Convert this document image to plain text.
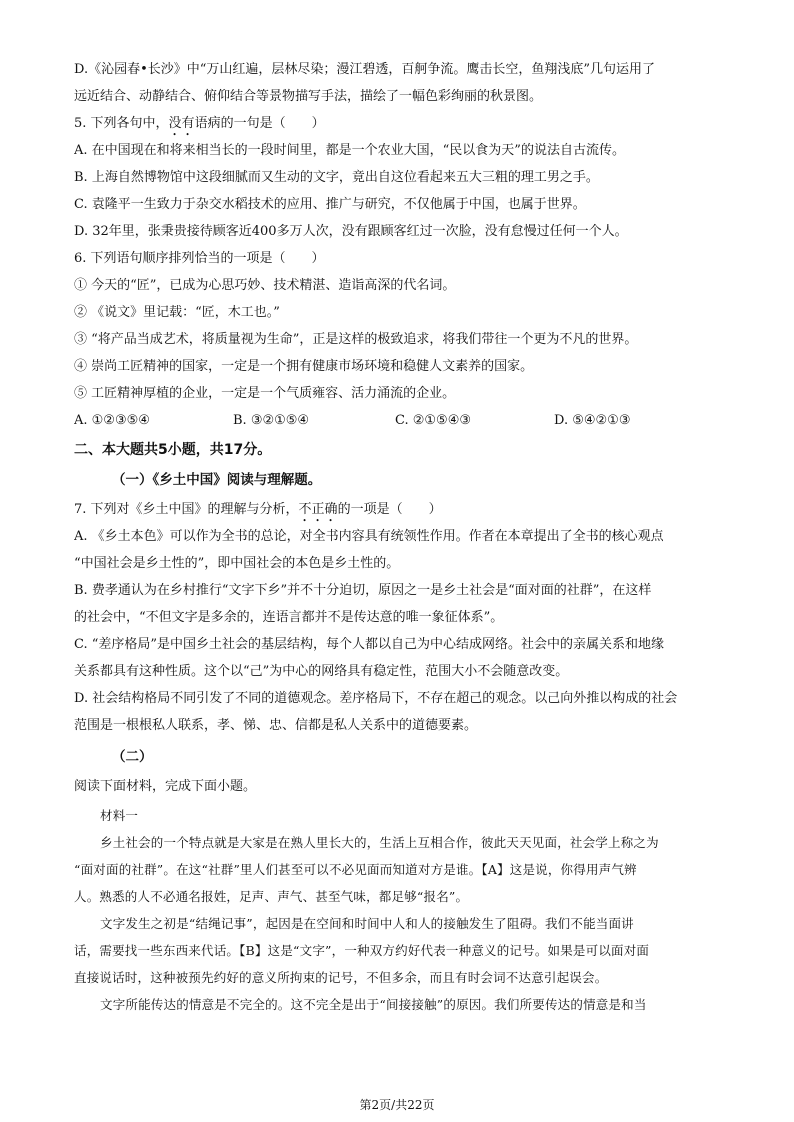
D.《沁园春•长沙》中“万山红遍，层林尽染；漫江碧透，百舸争流。鹰击长空，鱼翔浅底”几句运用了
远近结合、动静结合、俯仰结合等景物描写手法，描绘了一幅色彩绚丽的秋景图。
5. 下列各句中，没有语病的一句是（　　）
A. 在中国现在和将来相当长的一段时间里，都是一个农业大国，“民以食为天”的说法自古流传。
B. 上海自然博物馆中这段细腻而又生动的文字，竟出自这位看起来五大三粗的理工男之手。
C. 袁隆平一生致力于杂交水稻技术的应用、推广与研究，不仅他属于中国，也属于世界。
D. 32年里，张秉贵接待顾客近400多万人次，没有跟顾客红过一次脸，没有怠慢过任何一个人。
6. 下列语句顺序排列恰当的一项是（　　）
① 今天的“匠”，已成为心思巧妙、技术精湛、造诣高深的代名词。
② 《说文》里记载：“匠，木工也。”
③ “将产品当成艺术，将质量视为生命”，正是这样的极致追求，将我们带往一个更为不凡的世界。
④ 崇尚工匠精神的国家，一定是一个拥有健康市场环境和稳健人文素养的国家。
⑤ 工匠精神厚植的企业，一定是一个气质雍容、活力涌流的企业。
A. ①②③⑤④	B. ③②①⑤④	C. ②①⑤④③	D. ⑤④②①③
二、本大题共5小题，共17分。
（一）《乡土中国》阅读与理解题。
7. 下列对《乡土中国》的理解与分析，不正确的一项是（　　）
A. 《乡土本色》可以作为全书的总论，对全书内容具有统领性作用。作者在本章提出了全书的核心观点
“中国社会是乡土性的”，即中国社会的本色是乡土性的。
B. 费孝通认为在乡村推行“文字下乡”并不十分迫切，原因之一是乡土社会是“面对面的社群”，在这样
的社会中，“不但文字是多余的，连语言都并不是传达意的唯一象征体系”。
C. “差序格局”是中国乡土社会的基层结构，每个人都以自己为中心结成网络。社会中的亲属关系和地缘
关系都具有这种性质。这个以“己”为中心的网络具有稳定性，范围大小不会随意改变。
D. 社会结构格局不同引发了不同的道德观念。差序格局下，不存在超己的观念。以己向外推以构成的社会
范围是一根根私人联系，孝、悌、忠、信都是私人关系中的道德要素。
（二）
阅读下面材料，完成下面小题。
材料一
乡土社会的一个特点就是大家是在熟人里长大的，生活上互相合作，彼此天天见面，社会学上称之为
“面对面的社群”。在这“社群”里人们甚至可以不必见面而知道对方是谁。【A】这是说，你得用声气辨
人。熟悉的人不必通名报姓，足声、声气、甚至气味，都足够“报名”。
文字发生之初是“结绳记事”，起因是在空间和时间中人和人的接触发生了阻碍。我们不能当面讲
话，需要找一些东西来代话。【B】这是“文字”，一种双方约好代表一种意义的记号。如果是可以面对面
直接说话时，这种被预先约好的意义所拘束的记号，不但多余，而且有时会词不达意引起误会。
文字所能传达的情意是不完全的。这不完全是出于“间接接触”的原因。我们所要传达的情意是和当
第2页/共22页
